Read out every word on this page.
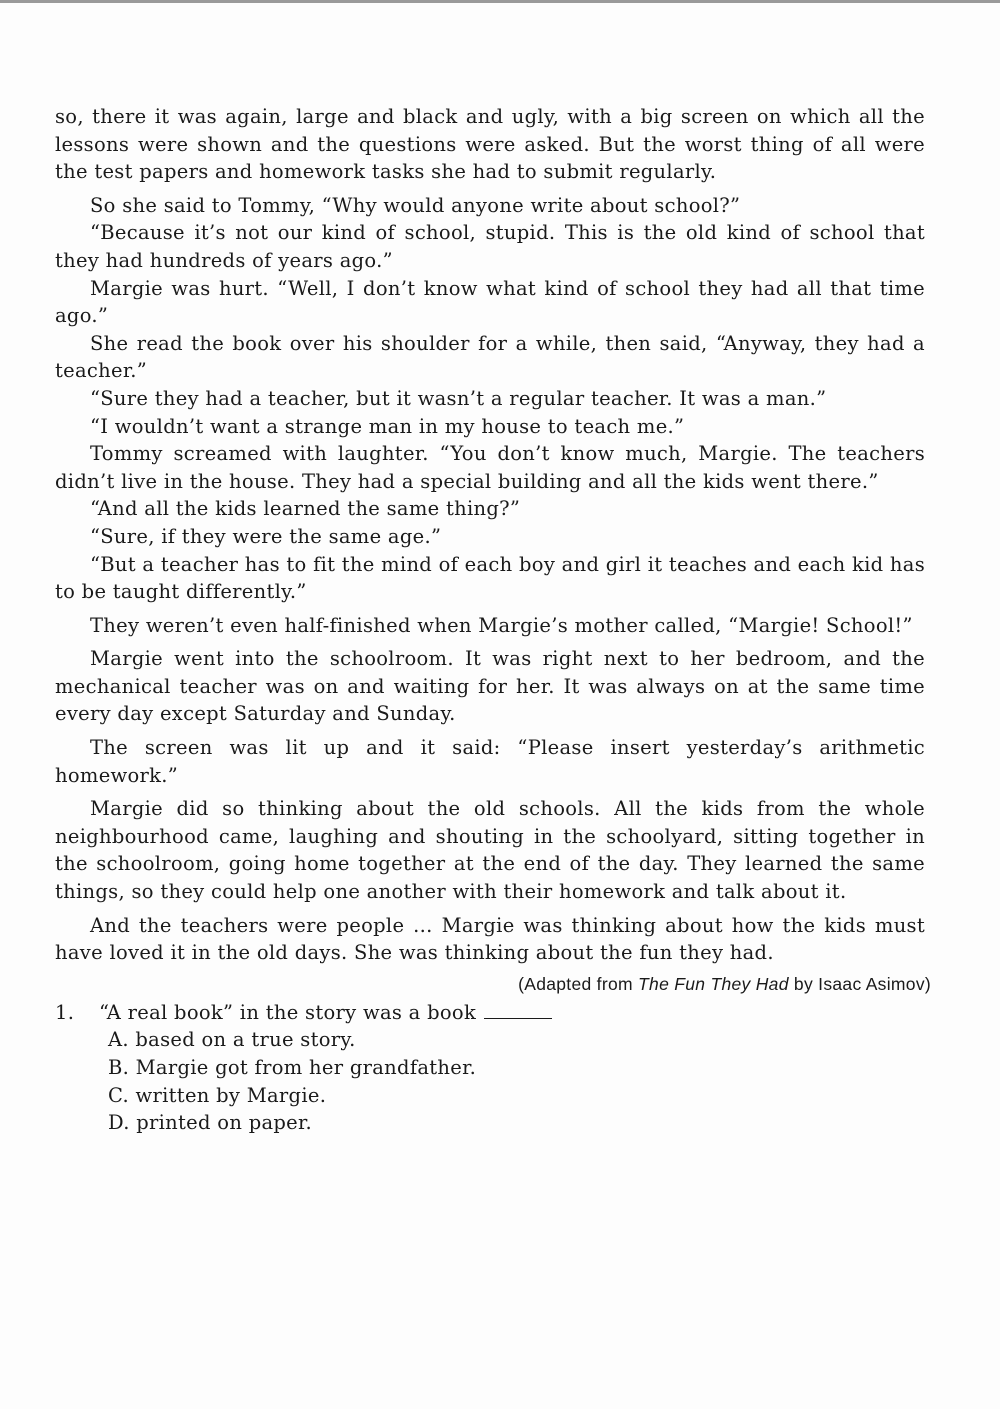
so, there it was again, large and black and ugly, with a big screen on which all the lessons were shown and the questions were asked. But the worst thing of all were the test papers and homework tasks she had to submit regularly.

So she said to Tommy, “Why would anyone write about school?”

“Because it’s not our kind of school, stupid. This is the old kind of school that they had hundreds of years ago.”

Margie was hurt. “Well, I don’t know what kind of school they had all that time ago.”

She read the book over his shoulder for a while, then said, “Anyway, they had a teacher.”

“Sure they had a teacher, but it wasn’t a regular teacher. It was a man.”

“I wouldn’t want a strange man in my house to teach me.”

Tommy screamed with laughter. “You don’t know much, Margie. The teachers didn’t live in the house. They had a special building and all the kids went there.”

“And all the kids learned the same thing?”

“Sure, if they were the same age.”

“But a teacher has to fit the mind of each boy and girl it teaches and each kid has to be taught differently.”

They weren’t even half-finished when Margie’s mother called, “Margie! School!”

Margie went into the schoolroom. It was right next to her bedroom, and the mechanical teacher was on and waiting for her. It was always on at the same time every day except Saturday and Sunday.

The screen was lit up and it said: “Please insert yesterday’s arithmetic homework.”

Margie did so thinking about the old schools. All the kids from the whole neighbourhood came, laughing and shouting in the schoolyard, sitting together in the schoolroom, going home together at the end of the day. They learned the same things, so they could help one another with their homework and talk about it.

And the teachers were people ... Margie was thinking about how the kids must have loved it in the old days. She was thinking about the fun they had.

(Adapted from The Fun They Had by Isaac Asimov)
1.	“A real book” in the story was a book
A. based on a true story.
B. Margie got from her grandfather.
C. written by Margie.
D. printed on paper.
